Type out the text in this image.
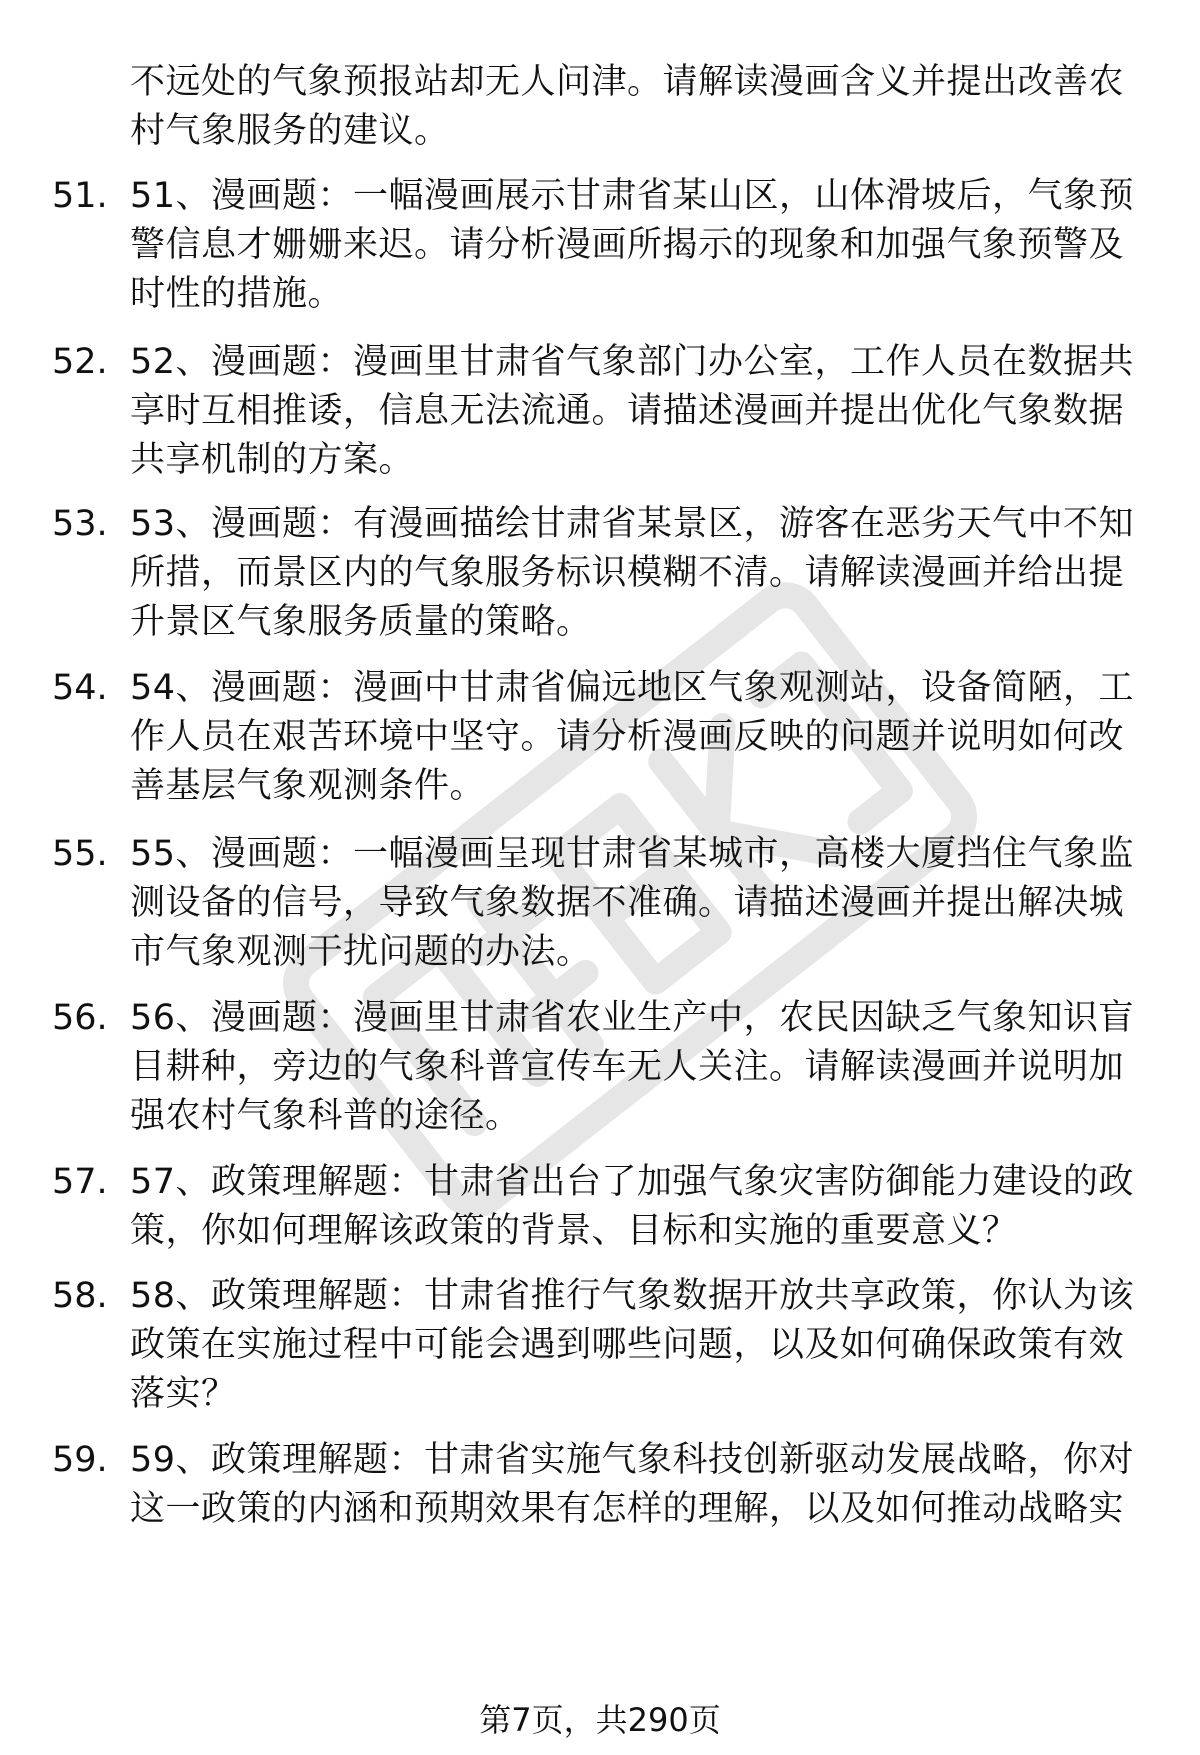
不远处的气象预报站却无人问津。请解读漫画含义并提出改善农村气象服务的建议。
51. 51、漫画题：一幅漫画展示甘肃省某山区，山体滑坡后，气象预警信息才姗姗来迟。请分析漫画所揭示的现象和加强气象预警及时性的措施。
52. 52、漫画题：漫画里甘肃省气象部门办公室，工作人员在数据共享时互相推诿，信息无法流通。请描述漫画并提出优化气象数据共享机制的方案。
53. 53、漫画题：有漫画描绘甘肃省某景区，游客在恶劣天气中不知所措，而景区内的气象服务标识模糊不清。请解读漫画并给出提升景区气象服务质量的策略。
54. 54、漫画题：漫画中甘肃省偏远地区气象观测站，设备简陋，工作人员在艰苦环境中坚守。请分析漫画反映的问题并说明如何改善基层气象观测条件。
55. 55、漫画题：一幅漫画呈现甘肃省某城市，高楼大厦挡住气象监测设备的信号，导致气象数据不准确。请描述漫画并提出解决城市气象观测干扰问题的办法。
56. 56、漫画题：漫画里甘肃省农业生产中，农民因缺乏气象知识盲目耕种，旁边的气象科普宣传车无人关注。请解读漫画并说明加强农村气象科普的途径。
57. 57、政策理解题：甘肃省出台了加强气象灾害防御能力建设的政策，你如何理解该政策的背景、目标和实施的重要意义？
58. 58、政策理解题：甘肃省推行气象数据开放共享政策，你认为该政策在实施过程中可能会遇到哪些问题，以及如何确保政策有效落实？
59. 59、政策理解题：甘肃省实施气象科技创新驱动发展战略，你对这一政策的内涵和预期效果有怎样的理解，以及如何推动战略实
第7页，共290页
